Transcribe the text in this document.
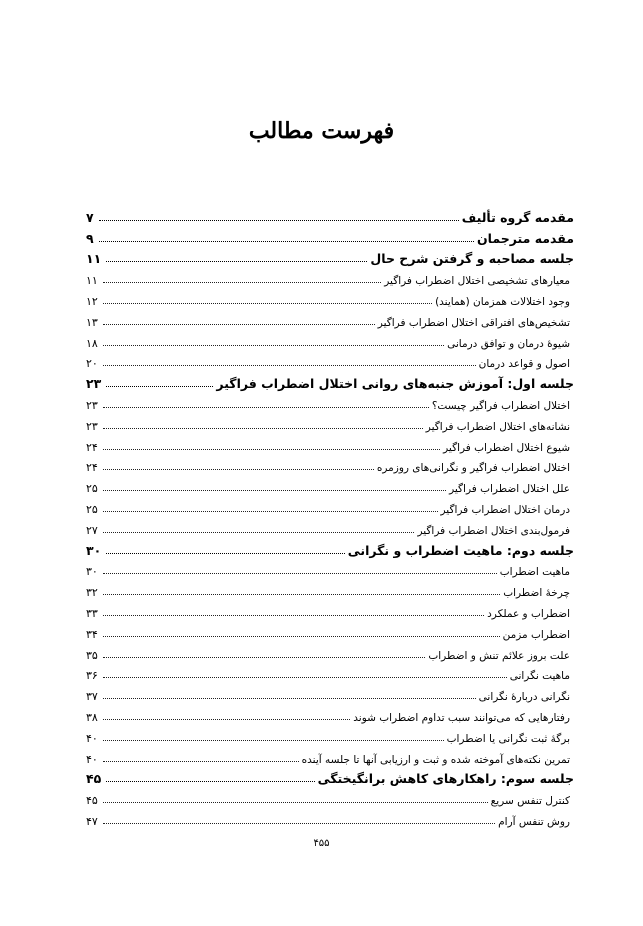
فهرست مطالب
۷	مقدمه گروه تألیف
۹	مقدمه مترجمان
۱۱	جلسه مصاحبه و گرفتن شرح حال
۱۱	معیارهای تشخیصی اختلال اضطراب فراگیر
۱۲	وجود اختلالات همزمان (همایند)
۱۳	تشخیص‌های افتراقی اختلال اضطراب فراگیر
۱۸	شیوهٔ درمان و توافق درمانی
۲۰	اصول و قواعد درمان
۲۳	جلسه اول: آموزش جنبه‌های روانی اختلال اضطراب فراگیر
۲۳	اختلال اضطراب فراگیر چیست؟
۲۳	نشانه‌های اختلال اضطراب فراگیر
۲۴	شیوع اختلال اضطراب فراگیر
۲۴	اختلال اضطراب فراگیر و نگرانی‌های روزمره
۲۵	علل اختلال اضطراب فراگیر
۲۵	درمان اختلال اضطراب فراگیر
۲۷	فرمول‌بندی اختلال اضطراب فراگیر
۳۰	جلسه دوم: ماهیت اضطراب و نگرانی
۳۰	ماهیت اضطراب
۳۲	چرخهٔ اضطراب
۳۳	اضطراب و عملکرد
۳۴	اضطراب مزمن
۳۵	علت بروز علائم تنش و اضطراب
۳۶	ماهیت نگرانی
۳۷	نگرانی دربارهٔ نگرانی
۳۸	رفتارهایی که می‌توانند سبب تداوم اضطراب شوند
۴۰	برگهٔ ثبت نگرانی یا اضطراب
۴۰	تمرین نکته‌های آموخته شده و ثبت و ارزیابی آنها تا جلسه آینده
۴۵	جلسه سوم: راهکارهای کاهش برانگیختگی
۴۵	کنترل تنفس سریع
۴۷	روش تنفس آرام
۴۵۵
